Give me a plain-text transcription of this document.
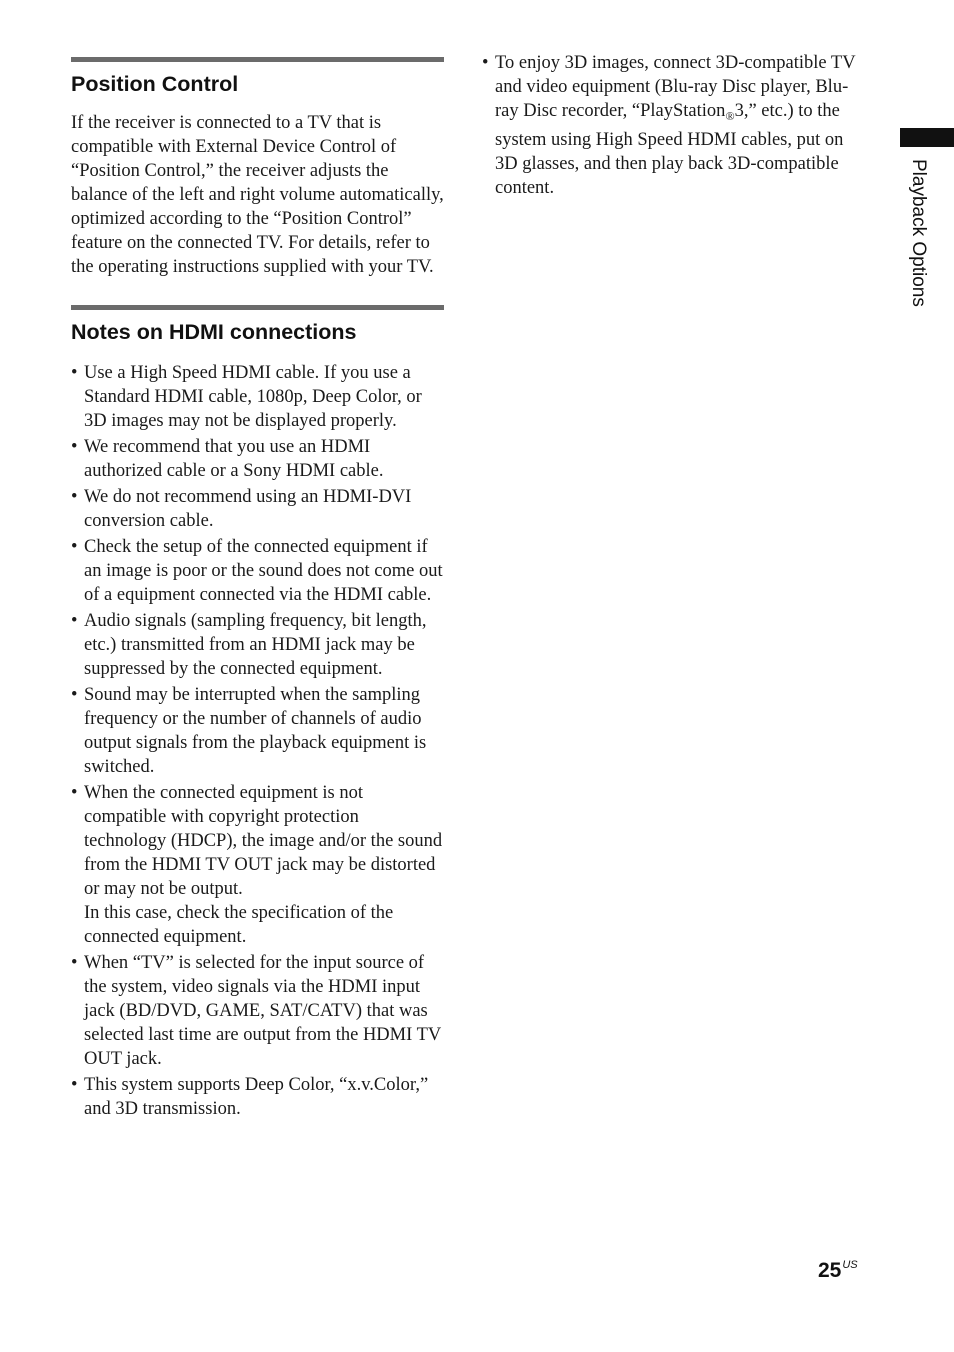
Playback Options
Position Control
If the receiver is connected to a TV that is compatible with External Device Control of “Position Control,” the receiver adjusts the balance of the left and right volume automatically, optimized according to the “Position Control” feature on the connected TV. For details, refer to the operating instructions supplied with your TV.
Notes on HDMI connections
• Use a High Speed HDMI cable. If you use a Standard HDMI cable, 1080p, Deep Color, or 3D images may not be displayed properly.
• We recommend that you use an HDMI authorized cable or a Sony HDMI cable.
• We do not recommend using an HDMI-DVI conversion cable.
• Check the setup of the connected equipment if an image is poor or the sound does not come out of a equipment connected via the HDMI cable.
• Audio signals (sampling frequency, bit length, etc.) transmitted from an HDMI jack may be suppressed by the connected equipment.
• Sound may be interrupted when the sampling frequency or the number of channels of audio output signals from the playback equipment is switched.
• When the connected equipment is not compatible with copyright protection technology (HDCP), the image and/or the sound from the HDMI TV OUT jack may be distorted or may not be output.
In this case, check the specification of the connected equipment.
• When “TV” is selected for the input source of the system, video signals via the HDMI input jack (BD/DVD, GAME, SAT/CATV) that was selected last time are output from the HDMI TV OUT jack.
• This system supports Deep Color, “x.v.Color,” and 3D transmission.
• To enjoy 3D images, connect 3D-compatible TV and video equipment (Blu-ray Disc player, Blu-ray Disc recorder, “PlayStation$_®$3,” etc.) to the system using High Speed HDMI cables, put on 3D glasses, and then play back 3D-compatible content.
$25^{US}$
